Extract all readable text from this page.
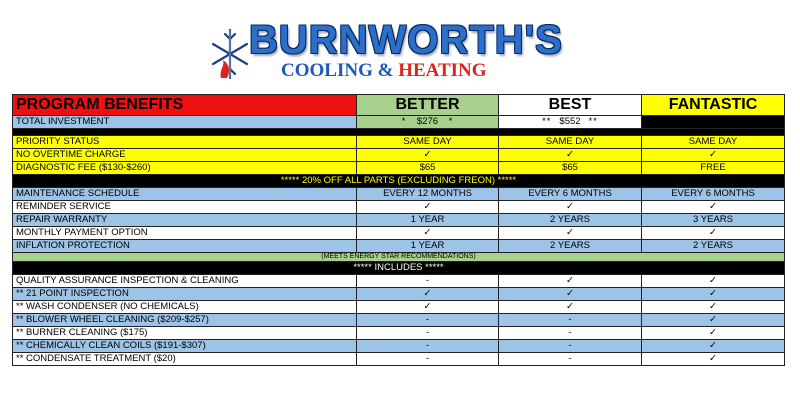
BURNWORTH'S
COOLING & HEATING
PROGRAM BENEFITS	BETTER	BEST	FANTASTIC
TOTAL INVESTMENT	* $276 *	** $552 **	***** $708 *****

PRIORITY STATUS	SAME DAY	SAME DAY	SAME DAY
NO OVERTIME CHARGE	✓	✓	✓
DIAGNOSTIC FEE ($130-$260)	$65	$65	FREE
***** 20% OFF ALL PARTS (EXCLUDING FREON) *****			
MAINTENANCE SCHEDULE	EVERY 12 MONTHS	EVERY 6 MONTHS	EVERY 6 MONTHS
REMINDER SERVICE	✓	✓	✓
REPAIR WARRANTY	1 YEAR	2 YEARS	3 YEARS
MONTHLY PAYMENT OPTION	✓	✓	✓
INFLATION PROTECTION	1 YEAR	2 YEARS	2 YEARS
(MEETS ENERGY STAR RECOMMENDATIONS)			
***** INCLUDES *****			
QUALITY ASSURANCE INSPECTION & CLEANING	-	✓	✓
** 21 POINT INSPECTION	✓	✓	✓
** WASH CONDENSER (NO CHEMICALS)	✓	✓	✓
** BLOWER WHEEL CLEANING ($209-$257)	-	-	✓
** BURNER CLEANING ($175)	-	-	✓
** CHEMICALLY CLEAN COILS ($191-$307)	-	-	✓
** CONDENSATE TREATMENT ($20)	-	-	✓
